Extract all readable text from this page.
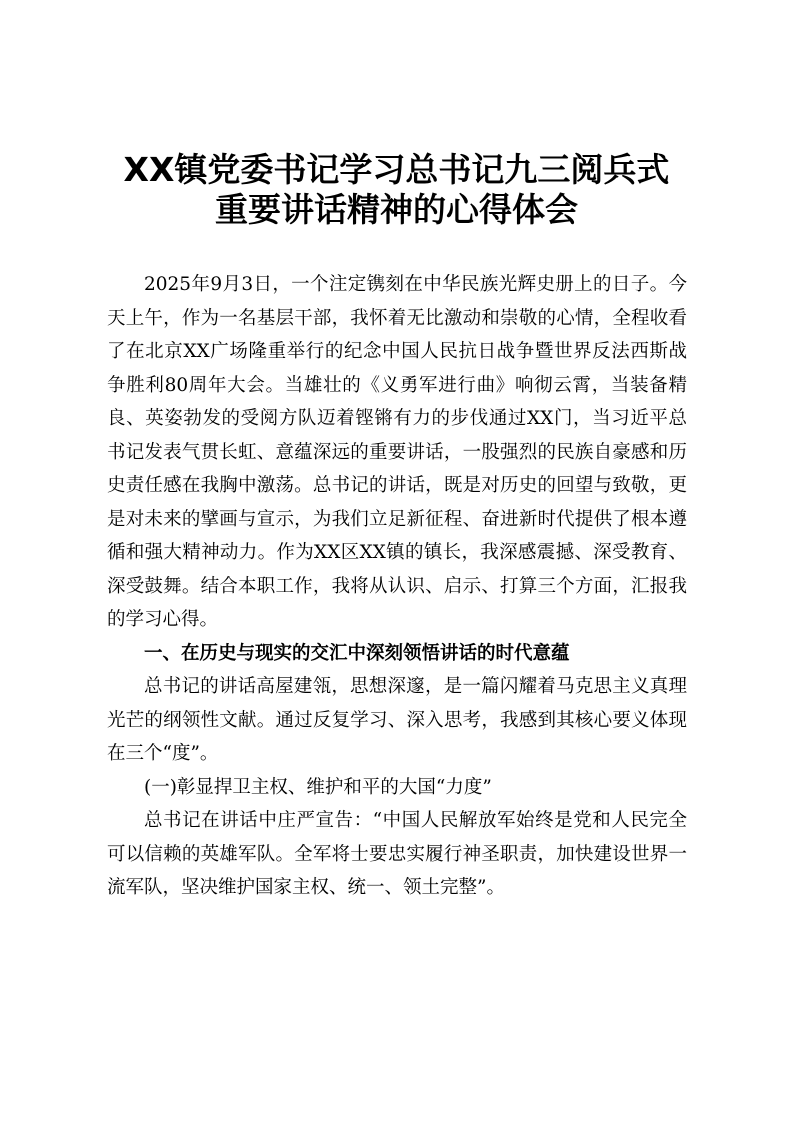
XX镇党委书记学习总书记九三阅兵式
重要讲话精神的心得体会

2025年9月3日，一个注定镌刻在中华民族光辉史册上的日子。今天上午，作为一名基层干部，我怀着无比激动和崇敬的心情，全程收看了在北京XX广场隆重举行的纪念中国人民抗日战争暨世界反法西斯战争胜利80周年大会。当雄壮的《义勇军进行曲》响彻云霄，当装备精良、英姿勃发的受阅方队迈着铿锵有力的步伐通过XX门，当习近平总书记发表气贯长虹、意蕴深远的重要讲话，一股强烈的民族自豪感和历史责任感在我胸中激荡。总书记的讲话，既是对历史的回望与致敬，更是对未来的擘画与宣示，为我们立足新征程、奋进新时代提供了根本遵循和强大精神动力。作为XX区XX镇的镇长，我深感震撼、深受教育、深受鼓舞。结合本职工作，我将从认识、启示、打算三个方面，汇报我的学习心得。

一、在历史与现实的交汇中深刻领悟讲话的时代意蕴

总书记的讲话高屋建瓴，思想深邃，是一篇闪耀着马克思主义真理光芒的纲领性文献。通过反复学习、深入思考，我感到其核心要义体现在三个“度”。

(一)彰显捍卫主权、维护和平的大国“力度”

总书记在讲话中庄严宣告：“中国人民解放军始终是党和人民完全可以信赖的英雄军队。全军将士要忠实履行神圣职责，加快建设世界一流军队，坚决维护国家主权、统一、领土完整”。
